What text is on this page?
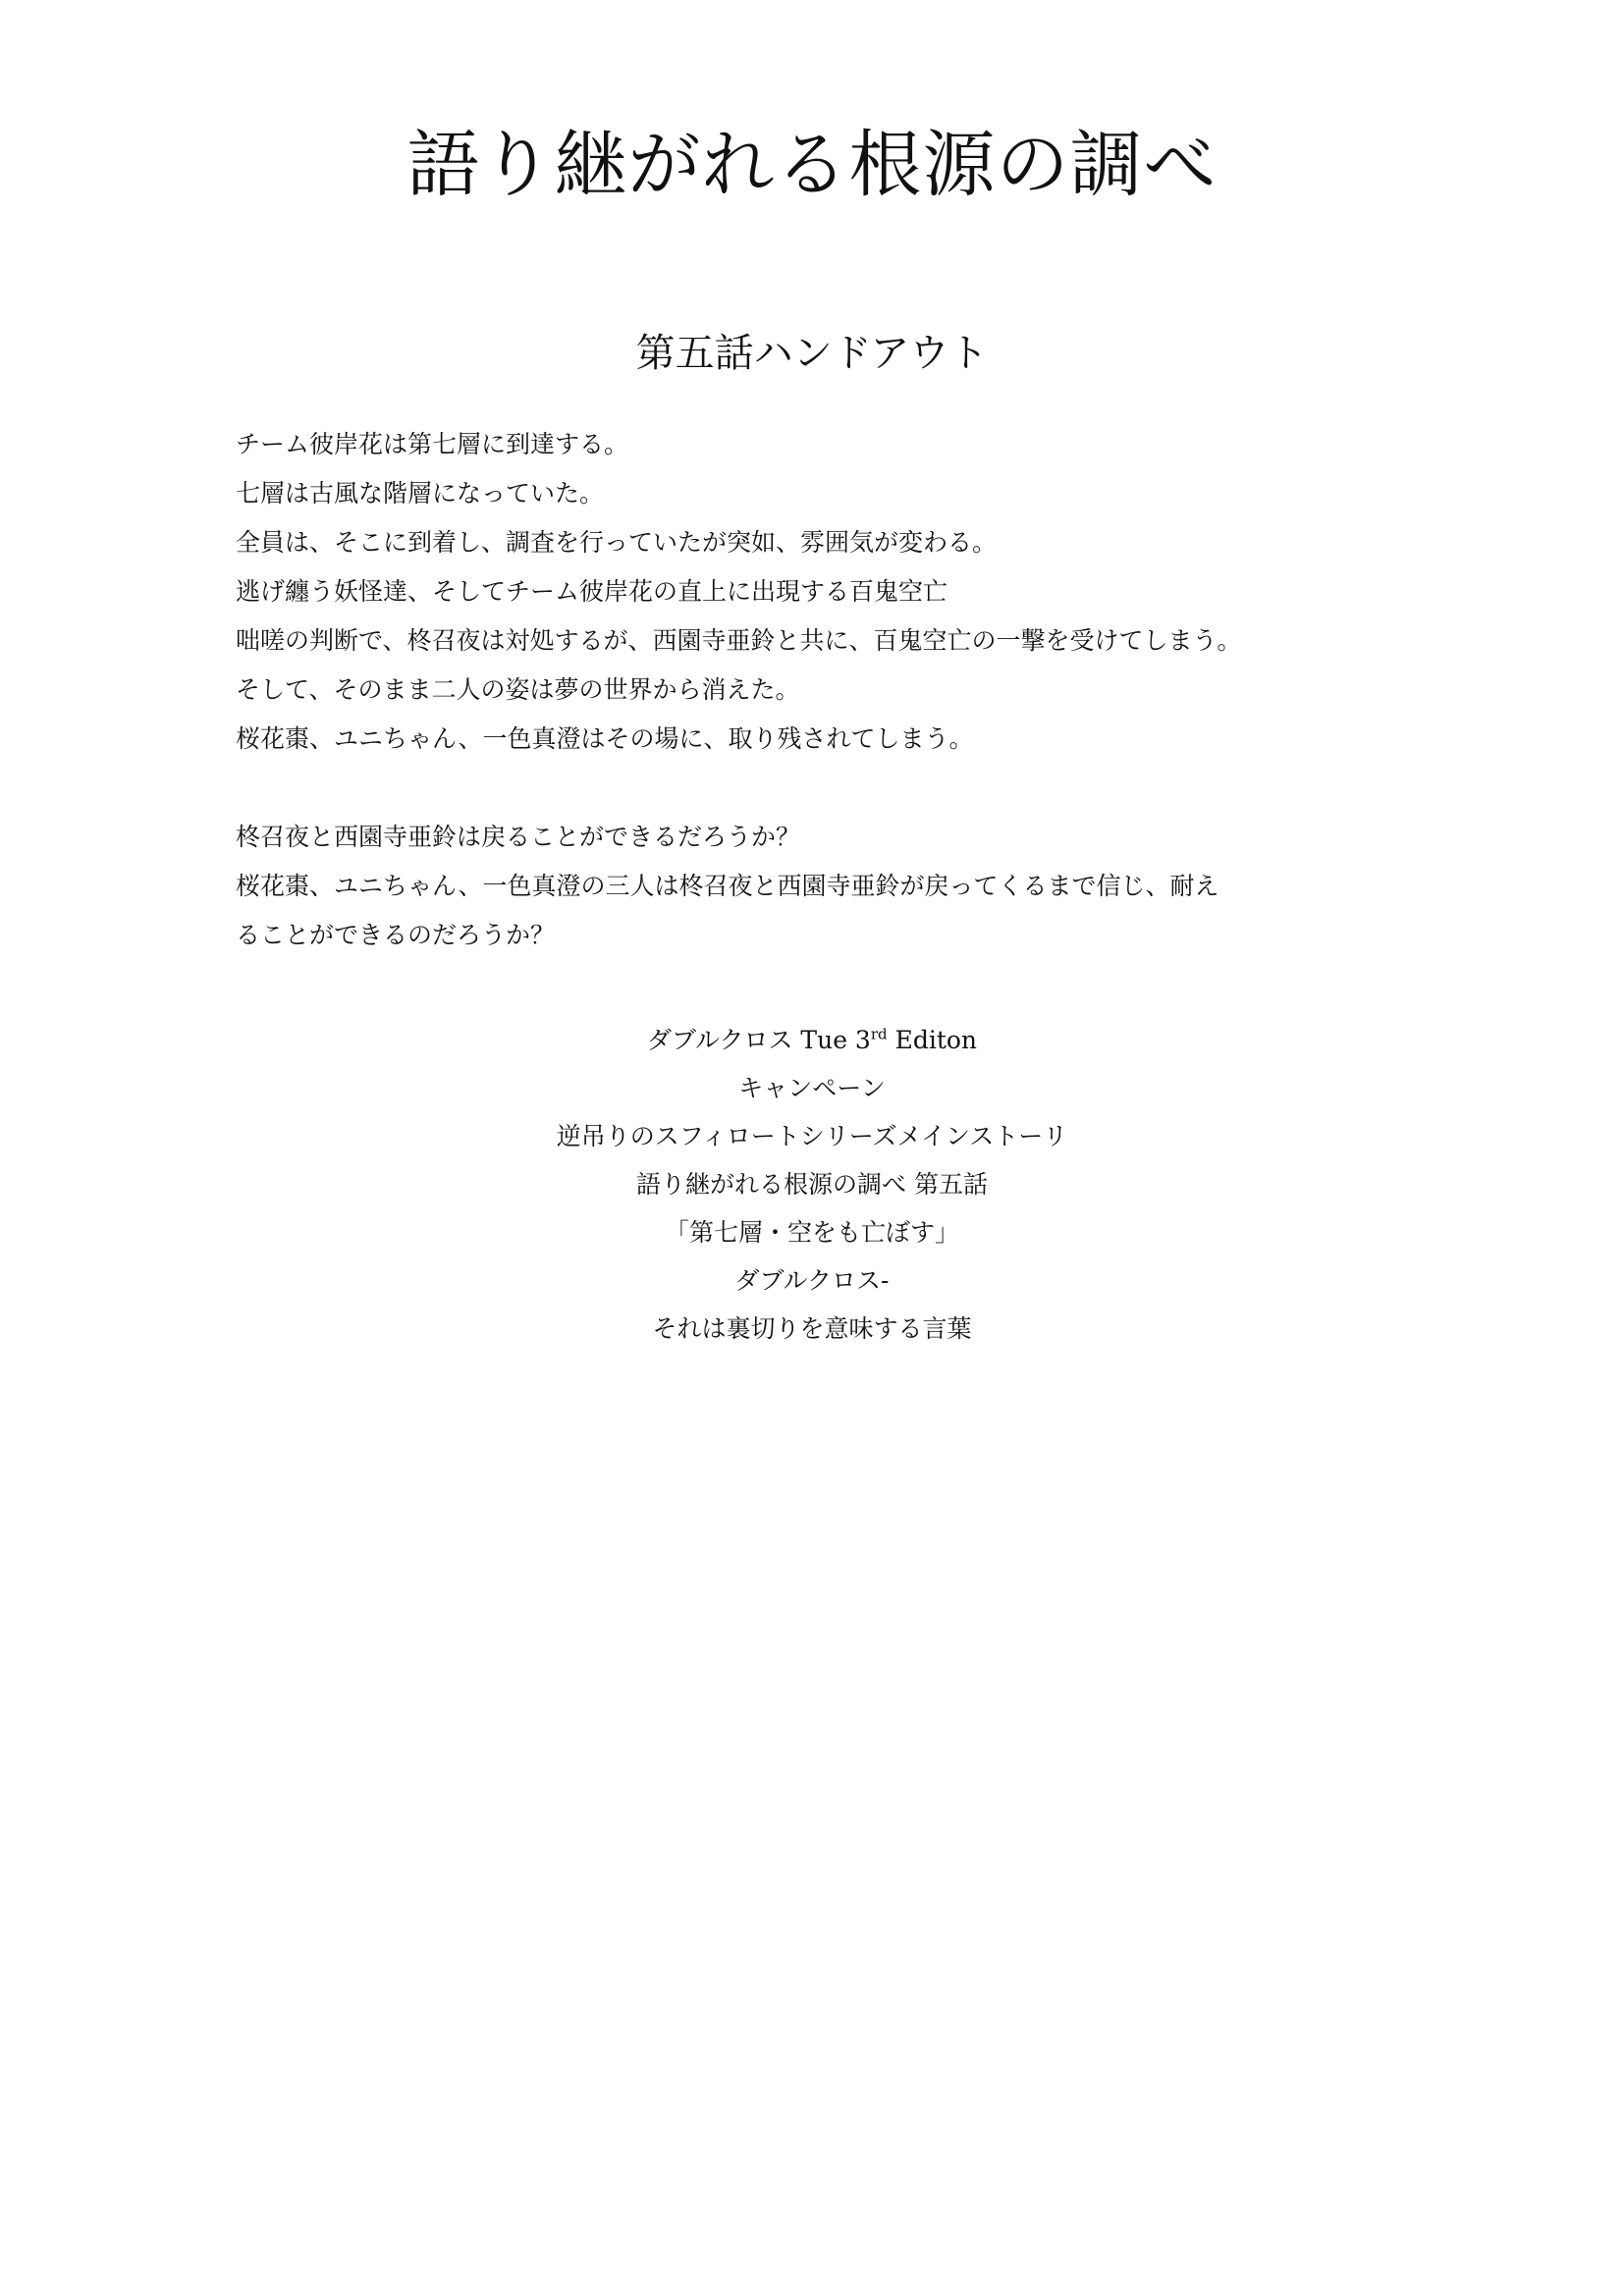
語り継がれる根源の調べ
第五話ハンドアウト

チーム彼岸花は第七層に到達する。

七層は古風な階層になっていた。

全員は、そこに到着し、調査を行っていたが突如、雰囲気が変わる。

逃げ纏う妖怪達、そしてチーム彼岸花の直上に出現する百鬼空亡

咄嗟の判断で、柊召夜は対処するが、西園寺亜鈴と共に、百鬼空亡の一撃を受けてしまう。

そして、そのまま二人の姿は夢の世界から消えた。

桜花棗、ユニちゃん、一色真澄はその場に、取り残されてしまう。

柊召夜と西園寺亜鈴は戻ることができるだろうか？

桜花棗、ユニちゃん、一色真澄の三人は柊召夜と西園寺亜鈴が戻ってくるまで信じ、耐え

ることができるのだろうか？

ダブルクロス Tue 3rd Editon

キャンペーン

逆吊りのスフィロートシリーズメインストーリ

語り継がれる根源の調べ 第五話

「第七層・空をも亡ぼす」

ダブルクロス-

それは裏切りを意味する言葉
